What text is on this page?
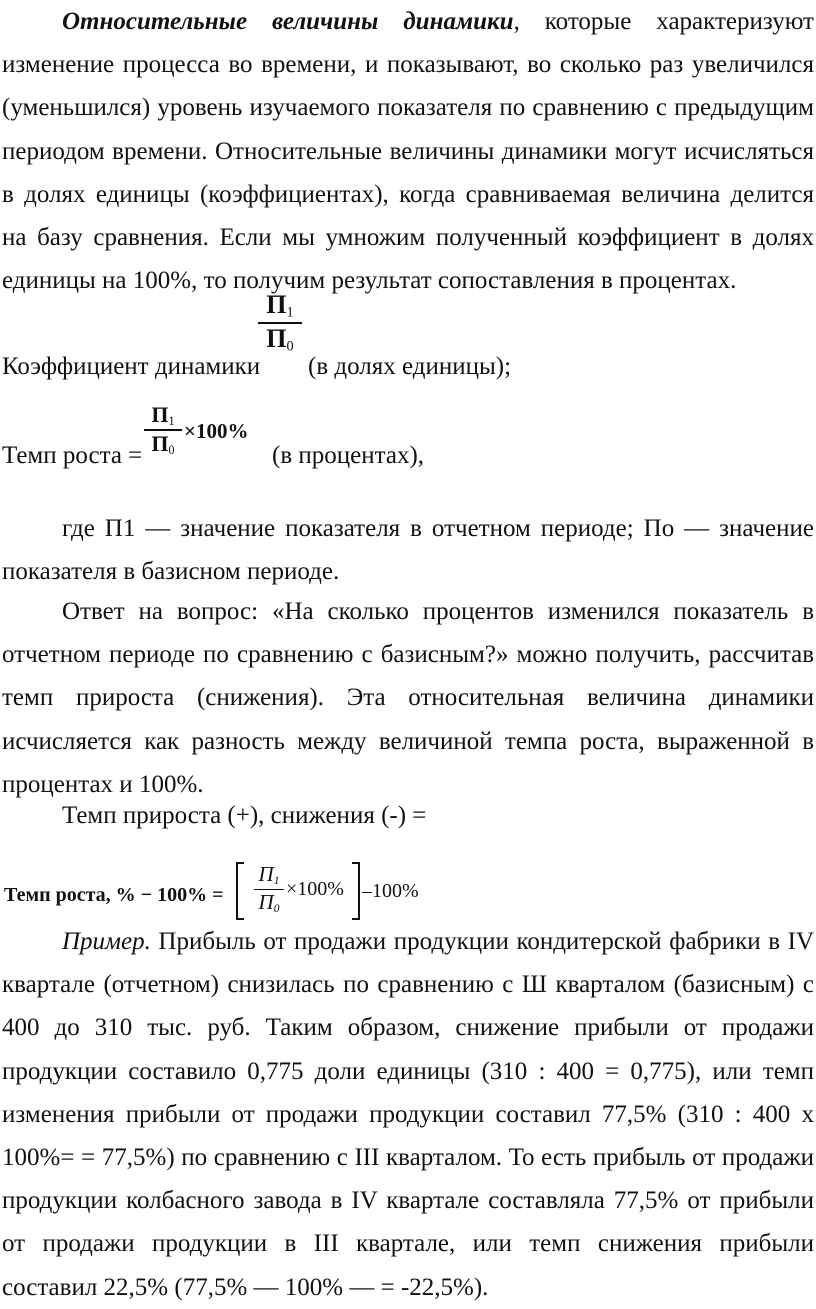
Относительные величины динамики, которые характеризуют изменение процесса во времени, и показывают, во сколько раз увеличился (уменьшился) уровень изучаемого показателя по сравнению с предыдущим периодом времени. Относительные величины динамики могут исчисляться в долях единицы (коэффициентах), когда сравниваемая величина делится на базу сравнения. Если мы умножим полученный коэффициент в долях единицы на 100%, то получим результат сопоставления в процентах.

Коэффициент динамики
$П_1$
$П_0$
(в долях единицы);
Темп роста =
$П_1$
$П_0$
×100%
(в процентах),

где П1 — значение показателя в отчетном периоде; По — значение показателя в базисном периоде.

Ответ на вопрос: «На сколько процентов изменился показатель в отчетном периоде по сравнению с базисным?» можно получить, рассчитав темп прироста (снижения). Эта относительная величина динамики исчисляется как разность между величиной темпа роста, выраженной в процентах и 100%.

Темп прироста (+), снижения (-) =
Темп роста, % − 100% =
$П_1$
$П_0$
×100% –100%

Пример. Прибыль от продажи продукции кондитерской фабрики в IV квартале (отчетном) снизилась по сравнению с Ш кварталом (базисным) с 400 до 310 тыс. руб. Таким образом, снижение прибыли от продажи продукции составило 0,775 доли единицы (310 : 400 = 0,775), или темп изменения прибыли от продажи продукции составил 77,5% (310 : 400 х 100%= = 77,5%) по сравнению с III кварталом. То есть прибыль от продажи продукции колбасного завода в IV квартале составляла 77,5% от прибыли от продажи продукции в III квартале, или темп снижения прибыли составил 22,5% (77,5% — 100% — = -22,5%).
